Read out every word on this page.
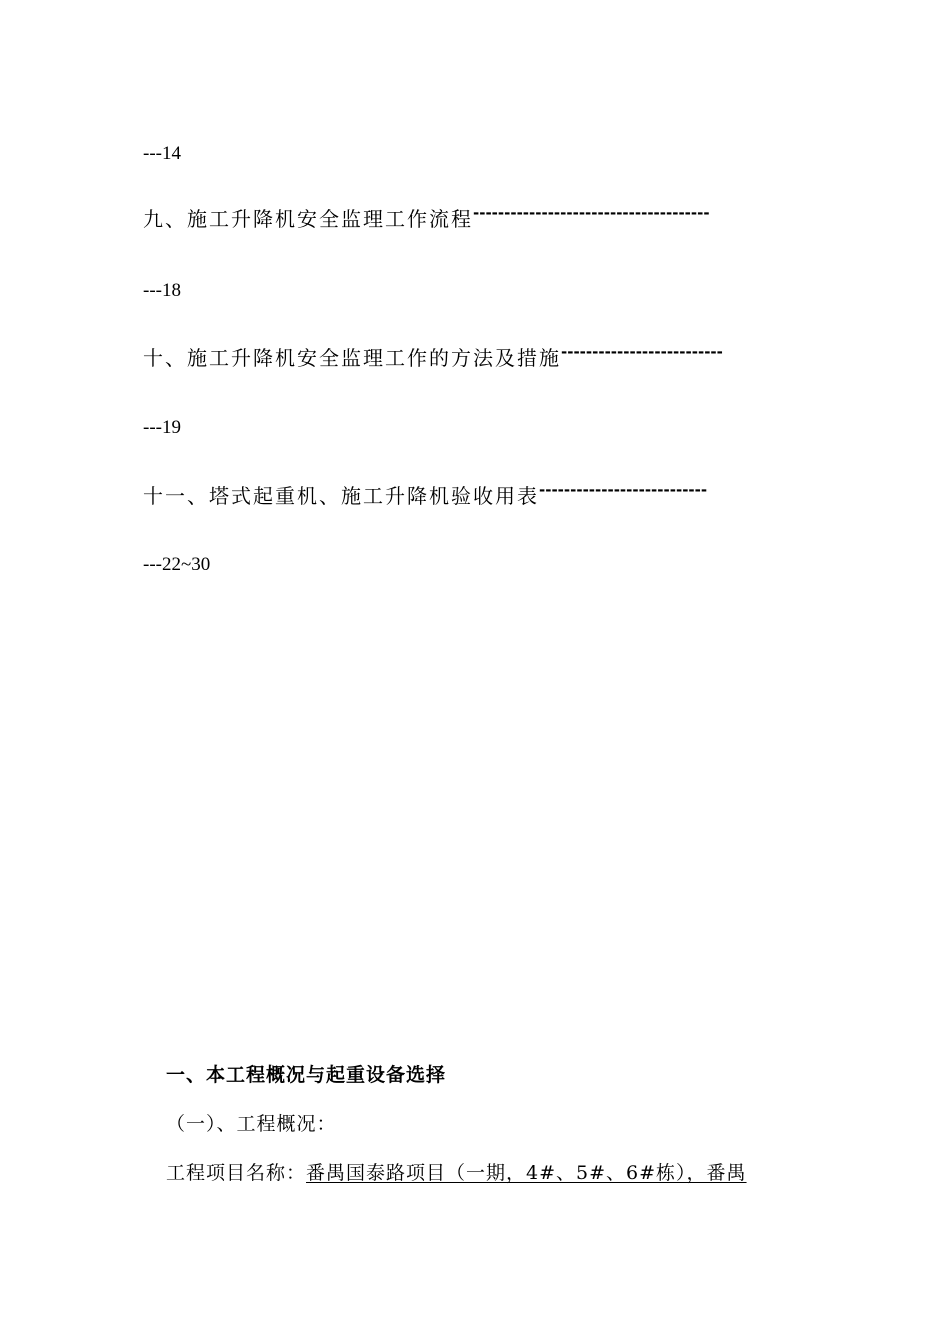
---14
九、施工升降机安全监理工作流程--------------------------------------
---18
十、施工升降机安全监理工作的方法及措施--------------------------
---19
十一、塔式起重机、施工升降机验收用表---------------------------
---22~30
一、本工程概况与起重设备选择
（一）、工程概况：
工程项目名称：番禺国泰路项目（一期，4#、5#、6#栋），番禺
